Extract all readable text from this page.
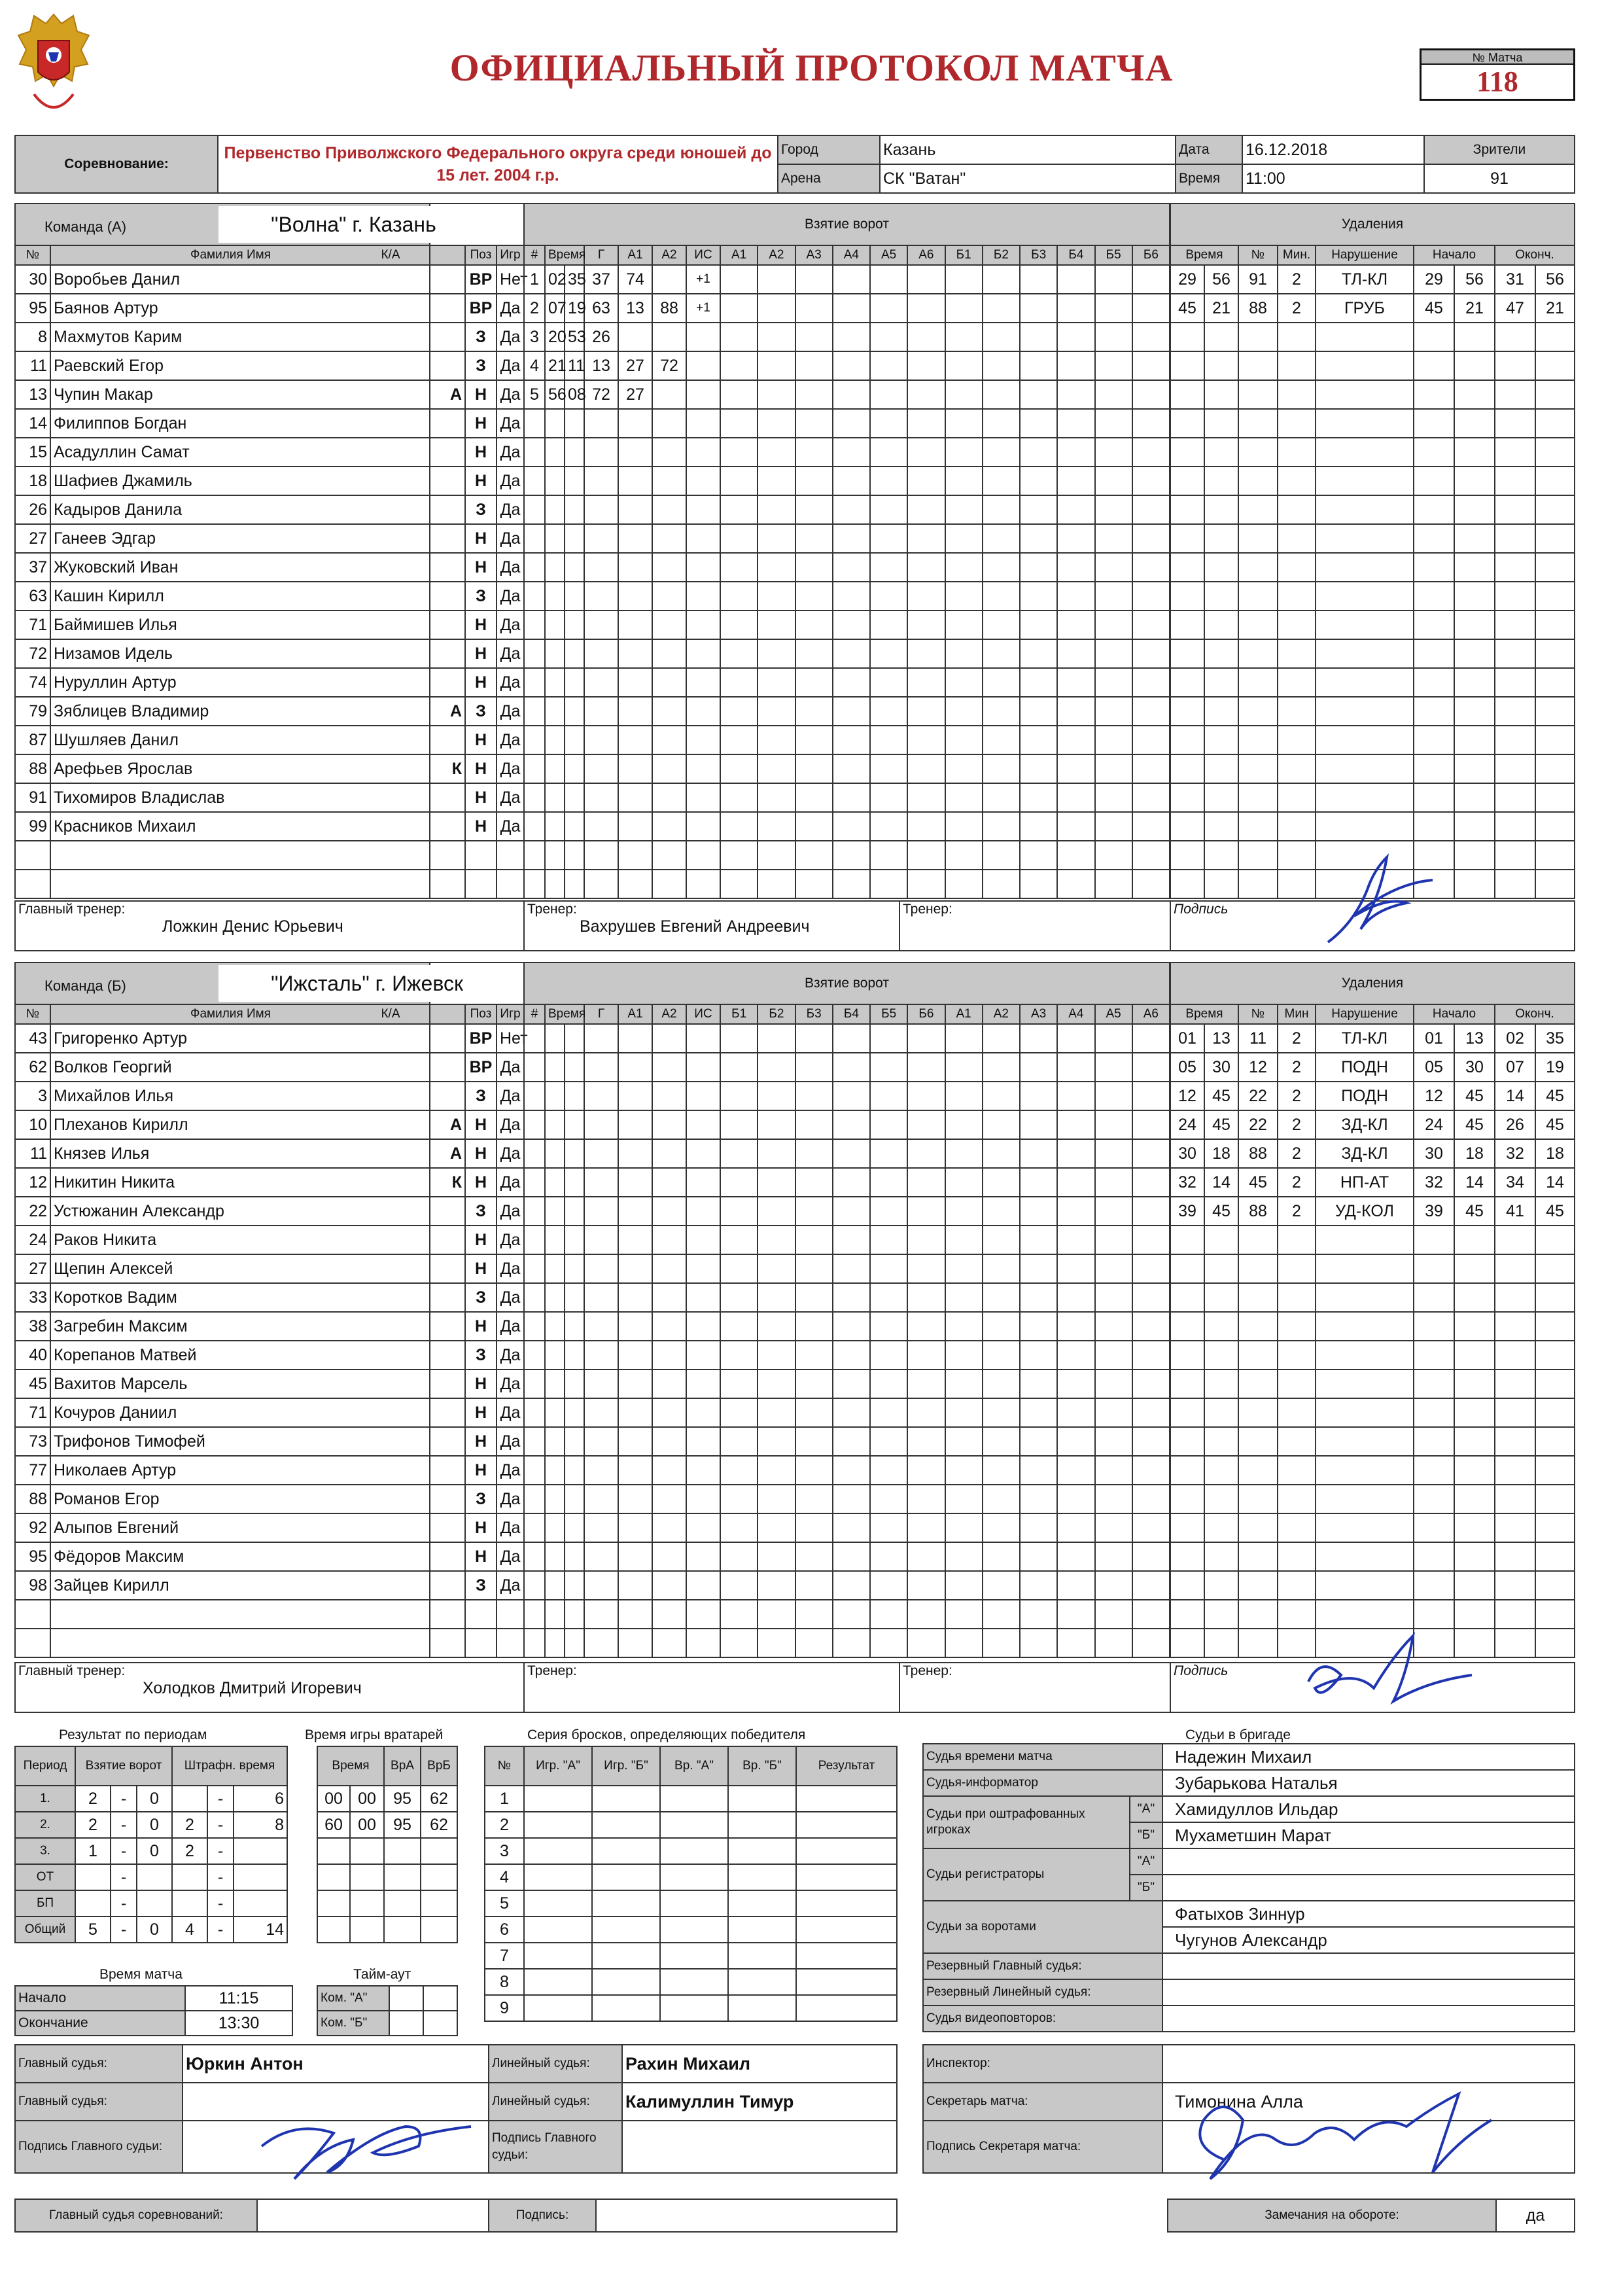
ОФИЦИАЛЬНЫЙ ПРОТОКОЛ МАТЧА	№ Матча
118
Соревнование:	Первенство Приволжского Федерального округа среди юношей до 15 лет. 2004 г.р.	Город	Казань	Дата	16.12.2018	Зрители
		Арена	СК "Ватан"	Время	11:00	91
Команда (А) "Волна" г. Казань				
№	Фамилия Имя К/А		Поз	Игр
30	Воробьев Данил		ВР	Нет
95	Баянов Артур		ВР	Да
8	Махмутов Карим		З	Да
11	Раевский Егор		З	Да
13	Чупин Макар	А	Н	Да
14	Филиппов Богдан		Н	Да
15	Асадуллин Самат		Н	Да
18	Шафиев Джамиль		Н	Да
26	Кадыров Данила		З	Да
27	Ганеев Эдгар		Н	Да
37	Жуковский Иван		Н	Да
63	Кашин Кирилл		З	Да
71	Баймишев Илья		Н	Да
72	Низамов Идель		Н	Да
74	Нуруллин Артур		Н	Да
79	Зяблицев Владимир	А	З	Да
87	Шушляев Данил		Н	Да
88	Арефьев Ярослав	К	Н	Да
91	Тихомиров Владислав		Н	Да
99	Красников Михаил		Н	Да

Взятие ворот																		
#	Время		Г	А1	А2	ИС	А1	А2	А3	А4	А5	А6	Б1	Б2	Б3	Б4	Б5	Б6
1	02	35	37	74		+1												
2	07	19	63	13	88	+1												
3	20	53	26															
4	21	11	13	27	72													
5	56	08	72	27														

Удаления								
Время		№	Мин.	Нарушение	Начало		Оконч.	
29	56	91	2	ТЛ-КЛ	29	56	31	56
45	21	88	2	ГРУБ	45	21	47	21

Главный тренер:
Ложкин Денис Юрьевич

Тренер:
Вахрушев Евгений Андреевич

Тренер:	Подпись
Команда (Б) "Ижсталь" г. Ижевск				
№	Фамилия Имя К/А		Поз	Игр
43	Григоренко Артур		ВР	Нет
62	Волков Георгий		ВР	Да
3	Михайлов Илья		З	Да
10	Плеханов Кирилл	А	Н	Да
11	Князев Илья	А	Н	Да
12	Никитин Никита	К	Н	Да
22	Устюжанин Александр		З	Да
24	Раков Никита		Н	Да
27	Щепин Алексей		Н	Да
33	Коротков Вадим		З	Да
38	Загребин Максим		Н	Да
40	Корепанов Матвей		З	Да
45	Вахитов Марсель		Н	Да
71	Кочуров Даниил		Н	Да
73	Трифонов Тимофей		Н	Да
77	Николаев Артур		Н	Да
88	Романов Егор		З	Да
92	Алыпов Евгений		Н	Да
95	Фёдоров Максим		Н	Да
98	Зайцев Кирилл		З	Да

Взятие ворот																		
#	Время		Г	А1	А2	ИС	Б1	Б2	Б3	Б4	Б5	Б6	А1	А2	А3	А4	А5	А6

Удаления								
Время		№	Мин	Нарушение	Начало		Оконч.	
01	13	11	2	ТЛ-КЛ	01	13	02	35
05	30	12	2	ПОДН	05	30	07	19
12	45	22	2	ПОДН	12	45	14	45
24	45	22	2	ЗД-КЛ	24	45	26	45
30	18	88	2	ЗД-КЛ	30	18	32	18
32	14	45	2	НП-АТ	32	14	34	14
39	45	88	2	УД-КОЛ	39	45	41	45

Главный тренер:
Холодков Дмитрий Игоревич

Тренер:	Тренер:	Подпись
Результат по периодам
Период	Взятие ворот			Штрафн. время		
1.	2	-	0		-	6
2.	2	-	0	2	-	8
3.	1	-	0	2	-	
ОТ		-			-	
БП		-			-	
Общий	5	-	0	4	-	14
Время игры вратарей
Время		ВрА	ВрБ
00	00	95	62
60	00	95	62

Серия бросков, определяющих победителя
№	Игр. "А"	Игр. "Б"	Вр. "А"	Вр. "Б"	Результат
1					
2					
3					
4					
5					
6					
7					
8					
9					
Время матча
Начало	11:15
Окончание	13:30
Тайм-аут
Ком. "А"		
Ком. "Б"		
Судьи в бригаде
Судья времени матча		Надежин Михаил
Судья-информатор		Зубарькова Наталья
Судьи при оштрафованных игроках	"А"	Хамидуллов Ильдар
	"Б"	Мухаметшин Марат
Судьи регистраторы	"А"	
	"Б"	
Судьи за воротами		Фатыхов Зиннур
		Чугунов Александр
Резервный Главный судья:		
Резервный Линейный судья:		
Судья видеоповторов:		
Главный судья:	Юркин Антон	Линейный судья:	Рахин Михаил
Главный судья:		Линейный судья:	Калимуллин Тимур
Подпись Главного судьи:		Подпись Главного судьи:	
Инспектор:	
Секретарь матча:	Тимонина Алла
Подпись Секретаря матча:	
Главный судья соревнований:		Подпись:		Замечания на обороте:	да
